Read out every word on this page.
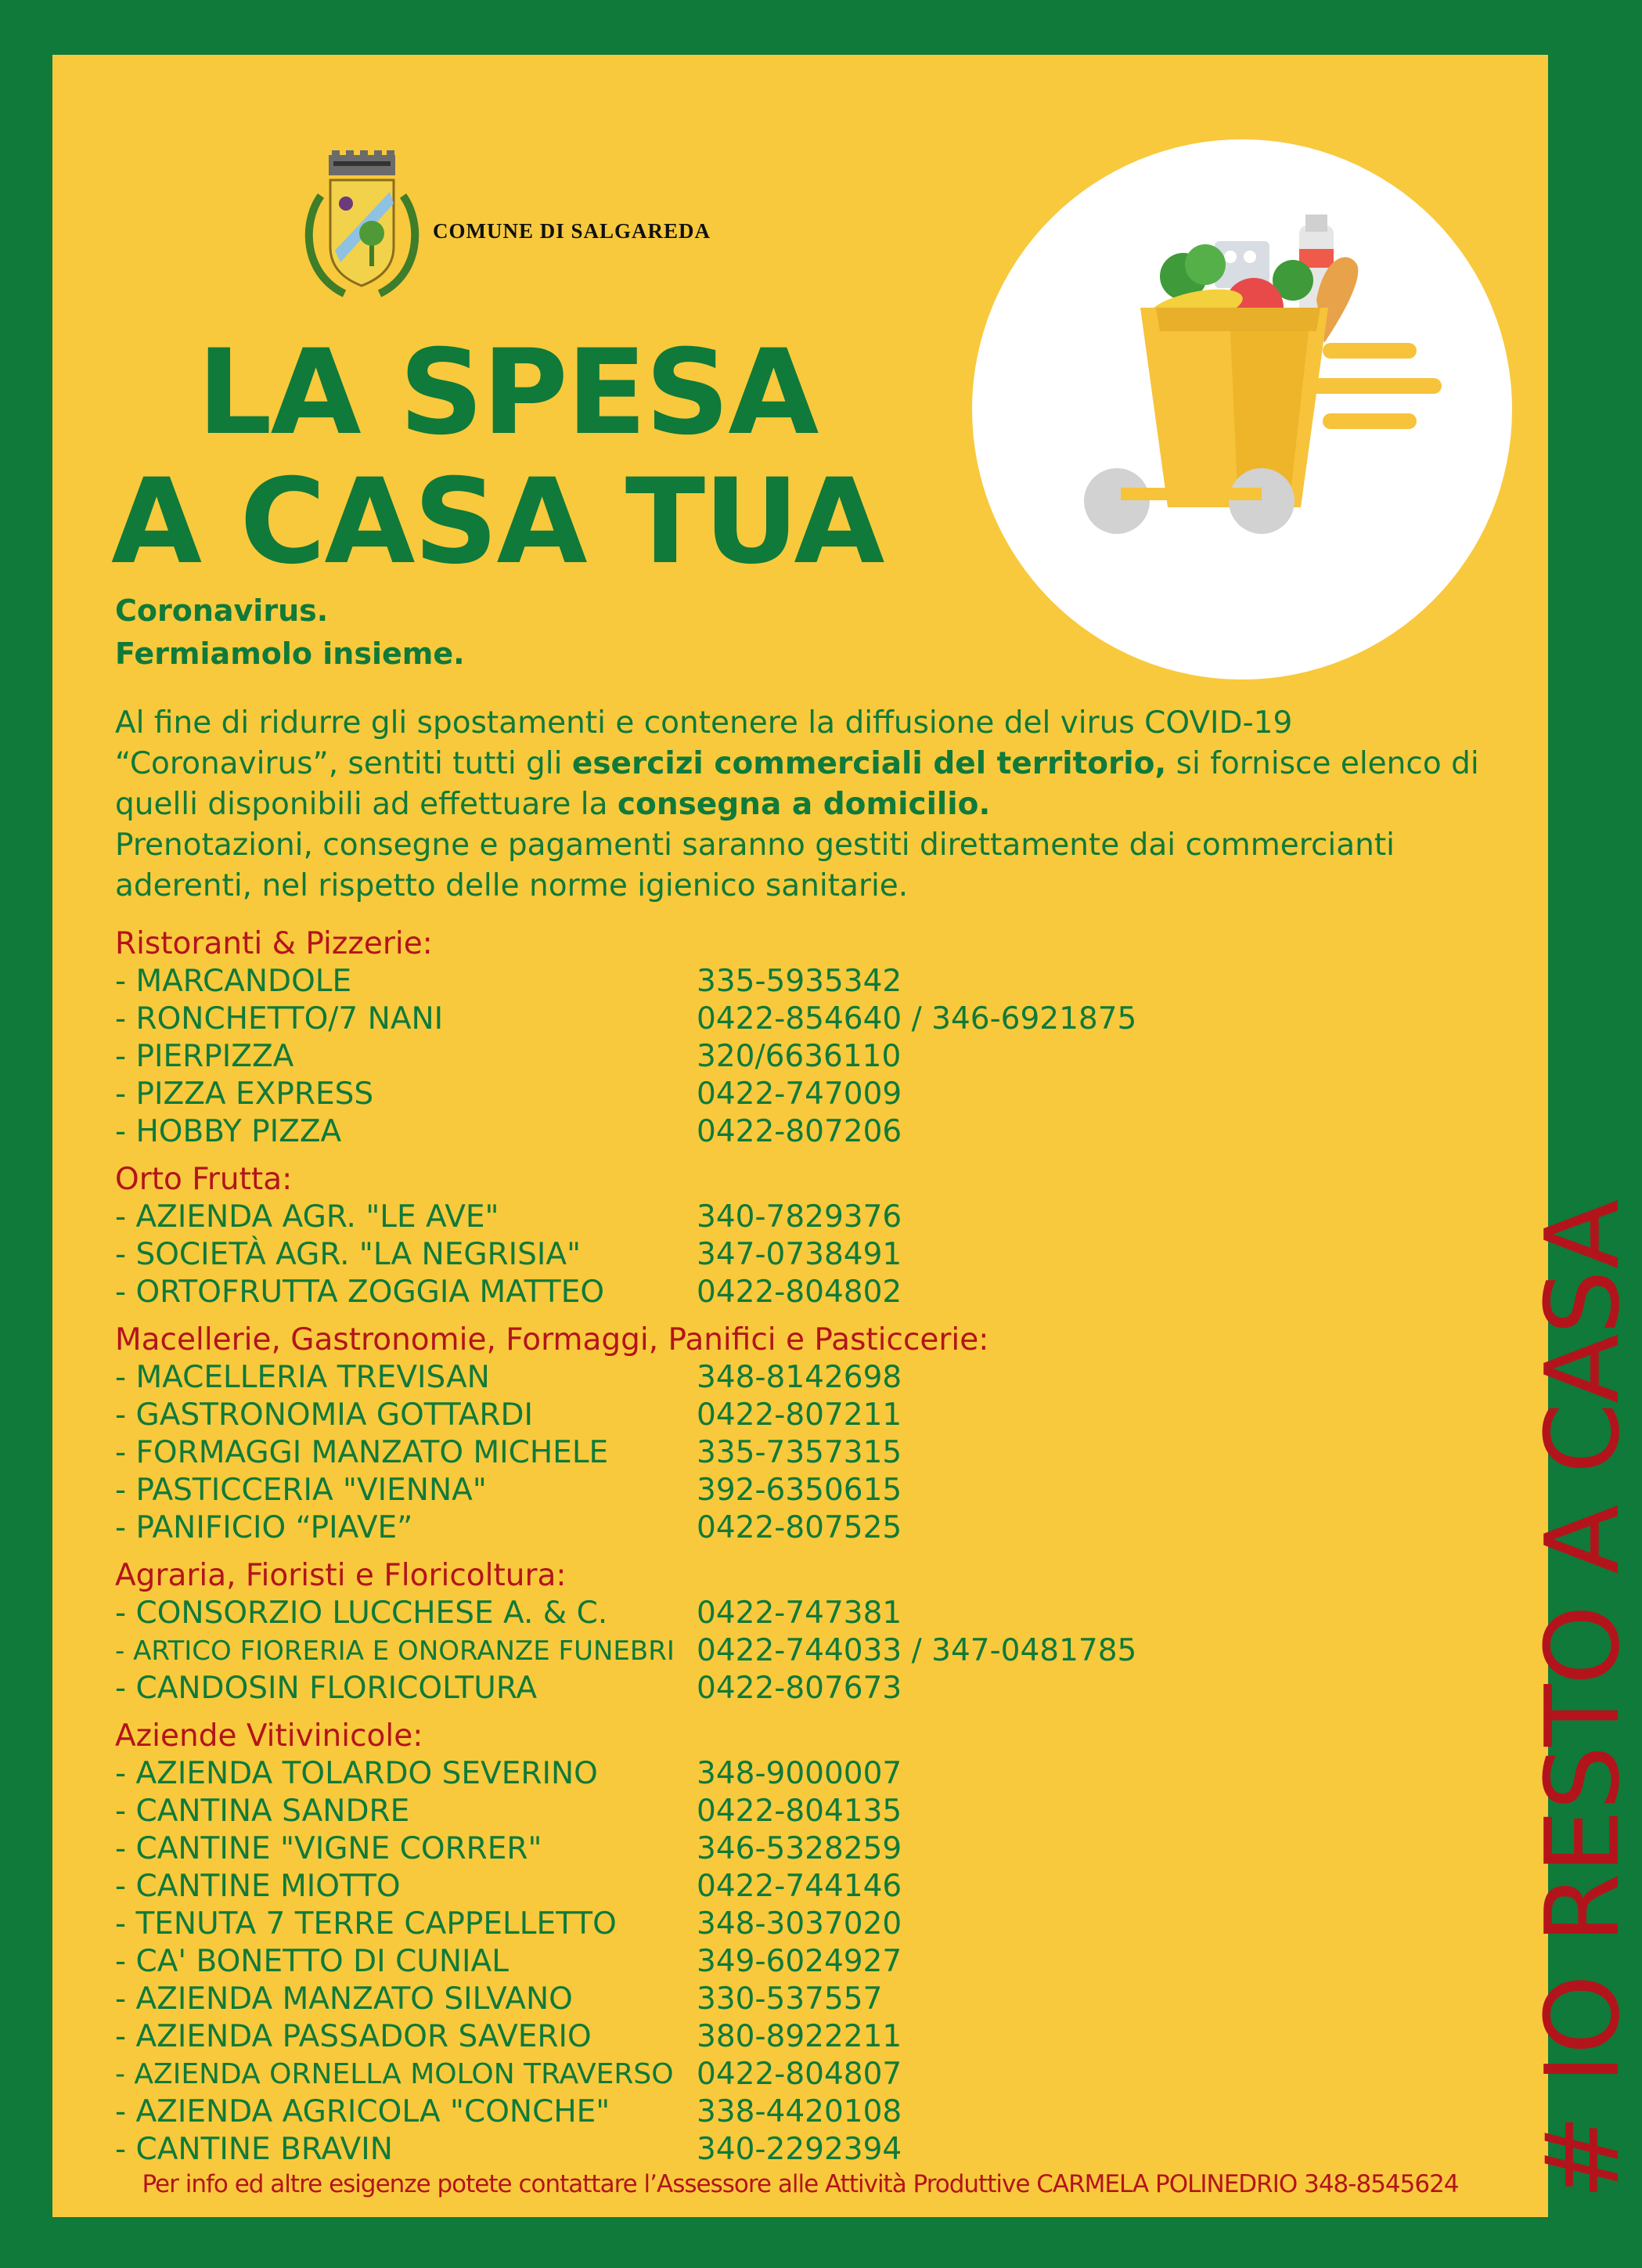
COMUNE DI SALGAREDA
LA SPESA
A CASA TUA
Coronavirus.
Fermiamolo insieme.
Al fine di ridurre gli spostamenti e contenere la diffusione del virus COVID-19 “Coronavirus”, sentiti tutti gli esercizi commerciali del territorio, si fornisce elenco di quelli disponibili ad effettuare la consegna a domicilio.
Prenotazioni, consegne e pagamenti saranno gestiti direttamente dai commercianti aderenti, nel rispetto delle norme igienico sanitarie.
Ristoranti & Pizzerie:
- MARCANDOLE	335-5935342
- RONCHETTO/7 NANI	0422-854640 / 346-6921875
- PIERPIZZA	320/6636110
- PIZZA EXPRESS	0422-747009
- HOBBY PIZZA	0422-807206
Orto Frutta:
- AZIENDA AGR. "LE AVE"	340-7829376
- SOCIETÀ AGR. "LA NEGRISIA"	347-0738491
- ORTOFRUTTA ZOGGIA MATTEO	0422-804802
Macellerie, Gastronomie, Formaggi, Panifici e Pasticcerie:
- MACELLERIA TREVISAN	348-8142698
- GASTRONOMIA GOTTARDI	0422-807211
- FORMAGGI MANZATO MICHELE	335-7357315
- PASTICCERIA "VIENNA"	392-6350615
- PANIFICIO “PIAVE”	0422-807525
Agraria, Fioristi e Floricoltura:
- CONSORZIO LUCCHESE A. & C.	0422-747381
- ARTICO FIORERIA E ONORANZE FUNEBRI 0422-744033 / 347-0481785
- CANDOSIN FLORICOLTURA	0422-807673
Aziende Vitivinicole:
- AZIENDA TOLARDO SEVERINO	348-9000007
- CANTINA SANDRE	0422-804135
- CANTINE "VIGNE CORRER"	346-5328259
- CANTINE MIOTTO	0422-744146
- TENUTA 7 TERRE CAPPELLETTO	348-3037020
- CA' BONETTO DI CUNIAL	349-6024927
- AZIENDA MANZATO SILVANO	330-537557
- AZIENDA PASSADOR SAVERIO	380-8922211
- AZIENDA ORNELLA MOLON TRAVERSO 0422-804807
- AZIENDA AGRICOLA "CONCHE"	338-4420108
- CANTINE BRAVIN	340-2292394	# IO RESTO A CASA
Per info ed altre esigenze potete contattare l’Assessore alle Attività Produttive CARMELA POLINEDRIO 348-8545624
